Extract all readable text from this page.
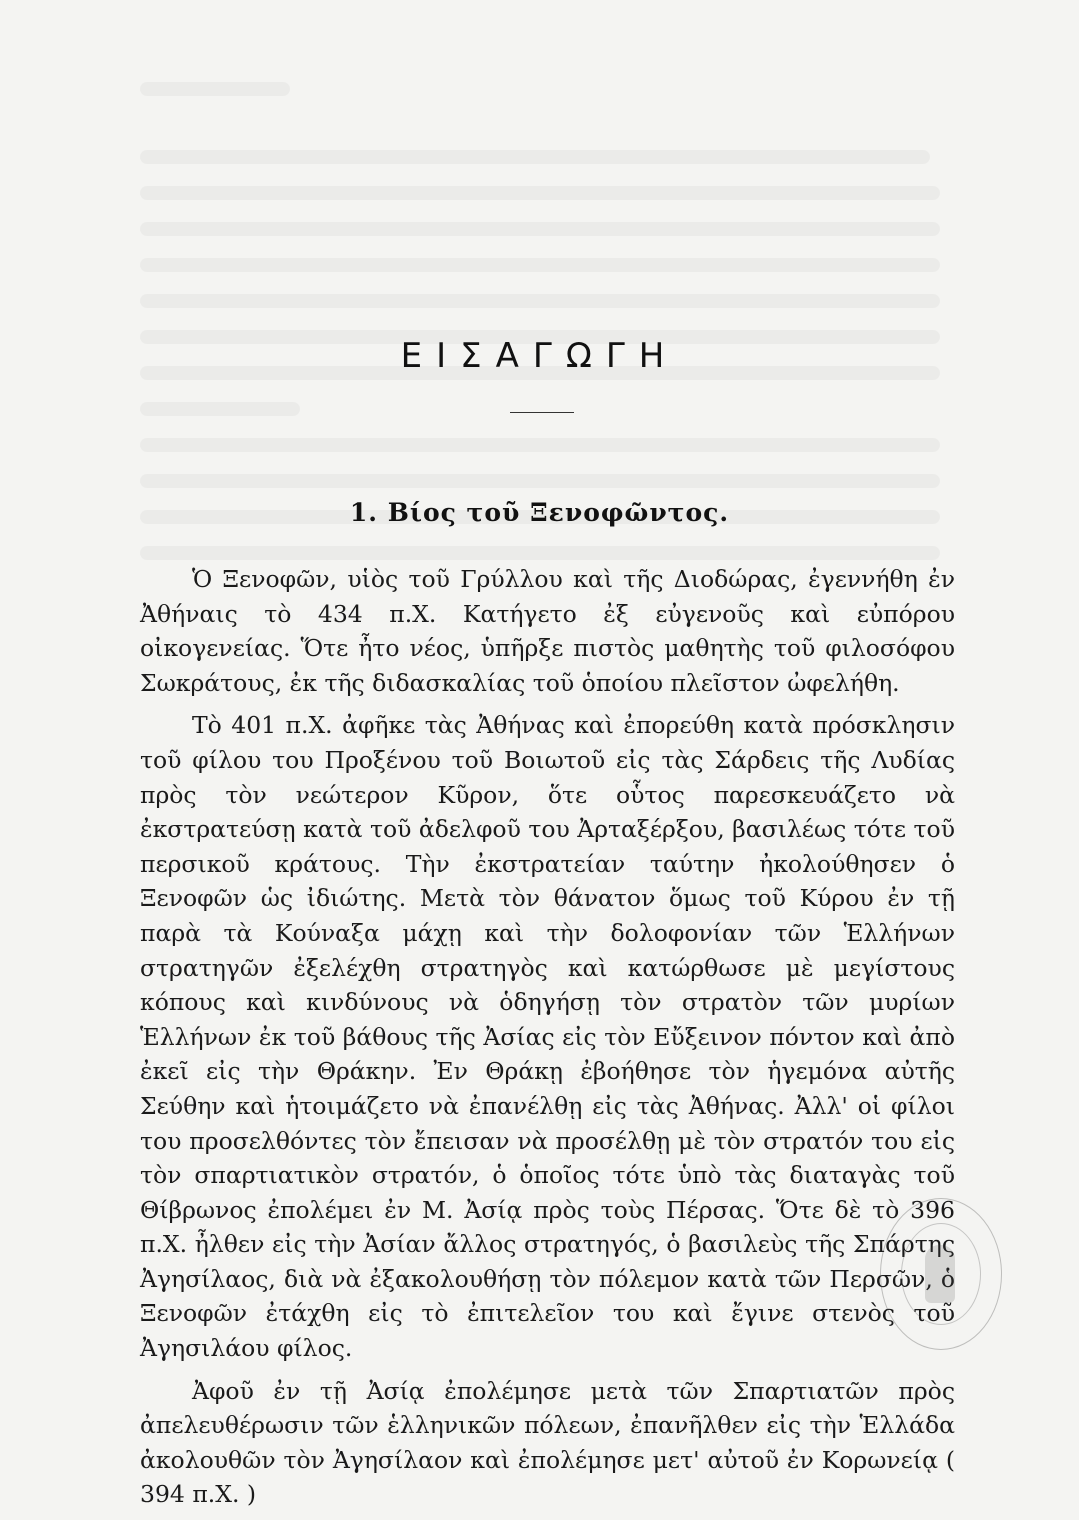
ΕΙΣΑΓΩΓΗ
1. Βίος τοῦ Ξενοφῶντος.

Ὁ Ξενοφῶν, υἱὸς τοῦ Γρύλλου καὶ τῆς Διοδώρας, ἐγεννήθη ἐν Ἀθήναις τὸ 434 π.Χ. Κατήγετο ἐξ εὐγενοῦς καὶ εὐπόρου οἰκογενείας. Ὅτε ἦτο νέος, ὑπῆρξε πιστὸς μαθητὴς τοῦ φιλοσόφου Σωκράτους, ἐκ τῆς διδασκαλίας τοῦ ὁποίου πλεῖστον ὠφελήθη.

Τὸ 401 π.Χ. ἀφῆκε τὰς Ἀθήνας καὶ ἐπορεύθη κατὰ πρόσκλησιν τοῦ φίλου του Προξένου τοῦ Βοιωτοῦ εἰς τὰς Σάρδεις τῆς Λυδίας πρὸς τὸν νεώτερον Κῦρον, ὅτε οὗτος παρεσκευάζετο νὰ ἐκστρατεύσῃ κατὰ τοῦ ἀδελφοῦ του Ἀρταξέρξου, βασιλέως τότε τοῦ περσικοῦ κράτους. Τὴν ἐκστρατείαν ταύτην ἠκολούθησεν ὁ Ξενοφῶν ὡς ἰδιώτης. Μετὰ τὸν θάνατον ὅμως τοῦ Κύρου ἐν τῇ παρὰ τὰ Κούναξα μάχῃ καὶ τὴν δολοφονίαν τῶν Ἑλλήνων στρατηγῶν ἐξελέχθη στρατηγὸς καὶ κατώρθωσε μὲ μεγίστους κόπους καὶ κινδύνους νὰ ὁδηγήσῃ τὸν στρατὸν τῶν μυρίων Ἑλλήνων ἐκ τοῦ βάθους τῆς Ἀσίας εἰς τὸν Εὔξεινον πόντον καὶ ἀπὸ ἐκεῖ εἰς τὴν Θράκην. Ἐν Θράκῃ ἐβοήθησε τὸν ἡγεμόνα αὐτῆς Σεύθην καὶ ἡτοιμάζετο νὰ ἐπανέλθῃ εἰς τὰς Ἀθήνας. Ἀλλ' οἱ φίλοι του προσελθόντες τὸν ἔπεισαν νὰ προσέλθῃ μὲ τὸν στρατόν του εἰς τὸν σπαρτιατικὸν στρατόν, ὁ ὁποῖος τότε ὑπὸ τὰς διαταγὰς τοῦ Θίβρωνος ἐπολέμει ἐν Μ. Ἀσίᾳ πρὸς τοὺς Πέρσας. Ὅτε δὲ τὸ 396 π.Χ. ἦλθεν εἰς τὴν Ἀσίαν ἄλλος στρατηγός, ὁ βασιλεὺς τῆς Σπάρτης Ἀγησίλαος, διὰ νὰ ἐξακολουθήσῃ τὸν πόλεμον κατὰ τῶν Περσῶν, ὁ Ξενοφῶν ἐτάχθη εἰς τὸ ἐπιτελεῖον του καὶ ἔγινε στενὸς τοῦ Ἀγησιλάου φίλος.

Ἀφοῦ ἐν τῇ Ἀσίᾳ ἐπολέμησε μετὰ τῶν Σπαρτιατῶν πρὸς ἀπελευθέρωσιν τῶν ἑλληνικῶν πόλεων, ἐπανῆλθεν εἰς τὴν Ἑλλάδα ἀκολουθῶν τὸν Ἀγησίλαον καὶ ἐπολέμησε μετ' αὐτοῦ ἐν Κορωνείᾳ ( 394 π.Χ. )
